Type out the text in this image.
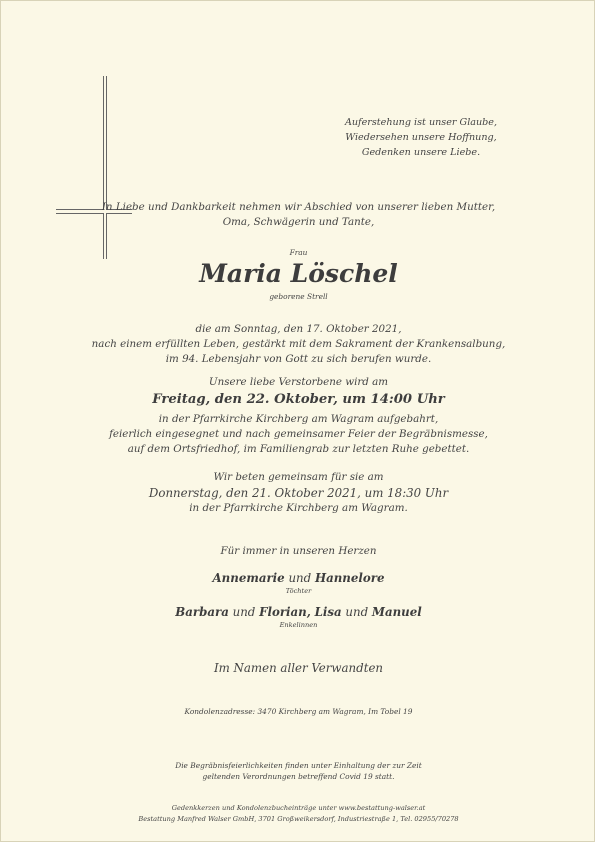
Auferstehung ist unser Glaube,
Wiedersehen unsere Hoffnung,
Gedenken unsere Liebe.
In Liebe und Dankbarkeit nehmen wir Abschied von unserer lieben Mutter,
Oma, Schwägerin und Tante,
Frau
Maria Löschel
geborene Strell
die am Sonntag, den 17. Oktober 2021,
nach einem erfüllten Leben, gestärkt mit dem Sakrament der Krankensalbung,
im 94. Lebensjahr von Gott zu sich berufen wurde.
Unsere liebe Verstorbene wird am
Freitag, den 22. Oktober, um 14:00 Uhr
in der Pfarrkirche Kirchberg am Wagram aufgebahrt,
feierlich eingesegnet und nach gemeinsamer Feier der Begräbnismesse,
auf dem Ortsfriedhof, im Familiengrab zur letzten Ruhe gebettet.
Wir beten gemeinsam für sie am
Donnerstag, den 21. Oktober 2021, um 18:30 Uhr
in der Pfarrkirche Kirchberg am Wagram.
Für immer in unseren Herzen
Annemarie und Hannelore
Töchter
Barbara und Florian, Lisa und Manuel
Enkelinnen
Im Namen aller Verwandten
Kondolenzadresse: 3470 Kirchberg am Wagram, Im Tobel 19
Die Begräbnisfeierlichkeiten finden unter Einhaltung der zur Zeit
geltenden Verordnungen betreffend Covid 19 statt.
Gedenkkerzen und Kondolenzbucheinträge unter www.bestattung-walser.at
Bestattung Manfred Walser GmbH, 3701 Großweikersdorf, Industriestraße 1, Tel. 02955/70278
